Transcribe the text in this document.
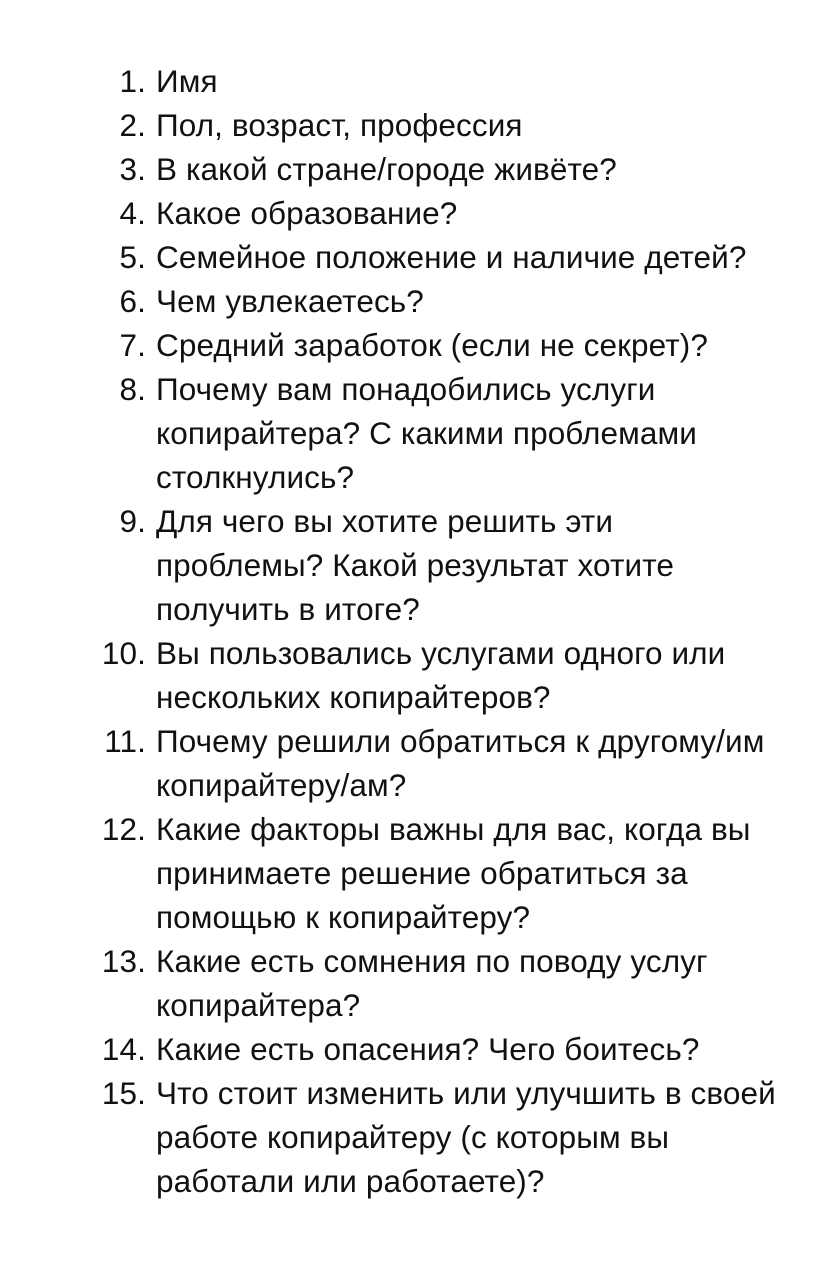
1. Имя
2. Пол, возраст, профессия
3. В какой стране/городе живёте?
4. Какое образование?
5. Семейное положение и наличие детей?
6. Чем увлекаетесь?
7. Средний заработок (если не секрет)?
8. Почему вам понадобились услуги копирайтера? С какими проблемами столкнулись?
9. Для чего вы хотите решить эти проблемы? Какой результат хотите получить в итоге?
10. Вы пользовались услугами одного или нескольких копирайтеров?
11. Почему решили обратиться к другому/им копирайтеру/ам?
12. Какие факторы важны для вас, когда вы принимаете решение обратиться за помощью к копирайтеру?
13. Какие есть сомнения по поводу услуг копирайтера?
14. Какие есть опасения? Чего боитесь?
15. Что стоит изменить или улучшить в своей работе копирайтеру (с которым вы работали или работаете)?
